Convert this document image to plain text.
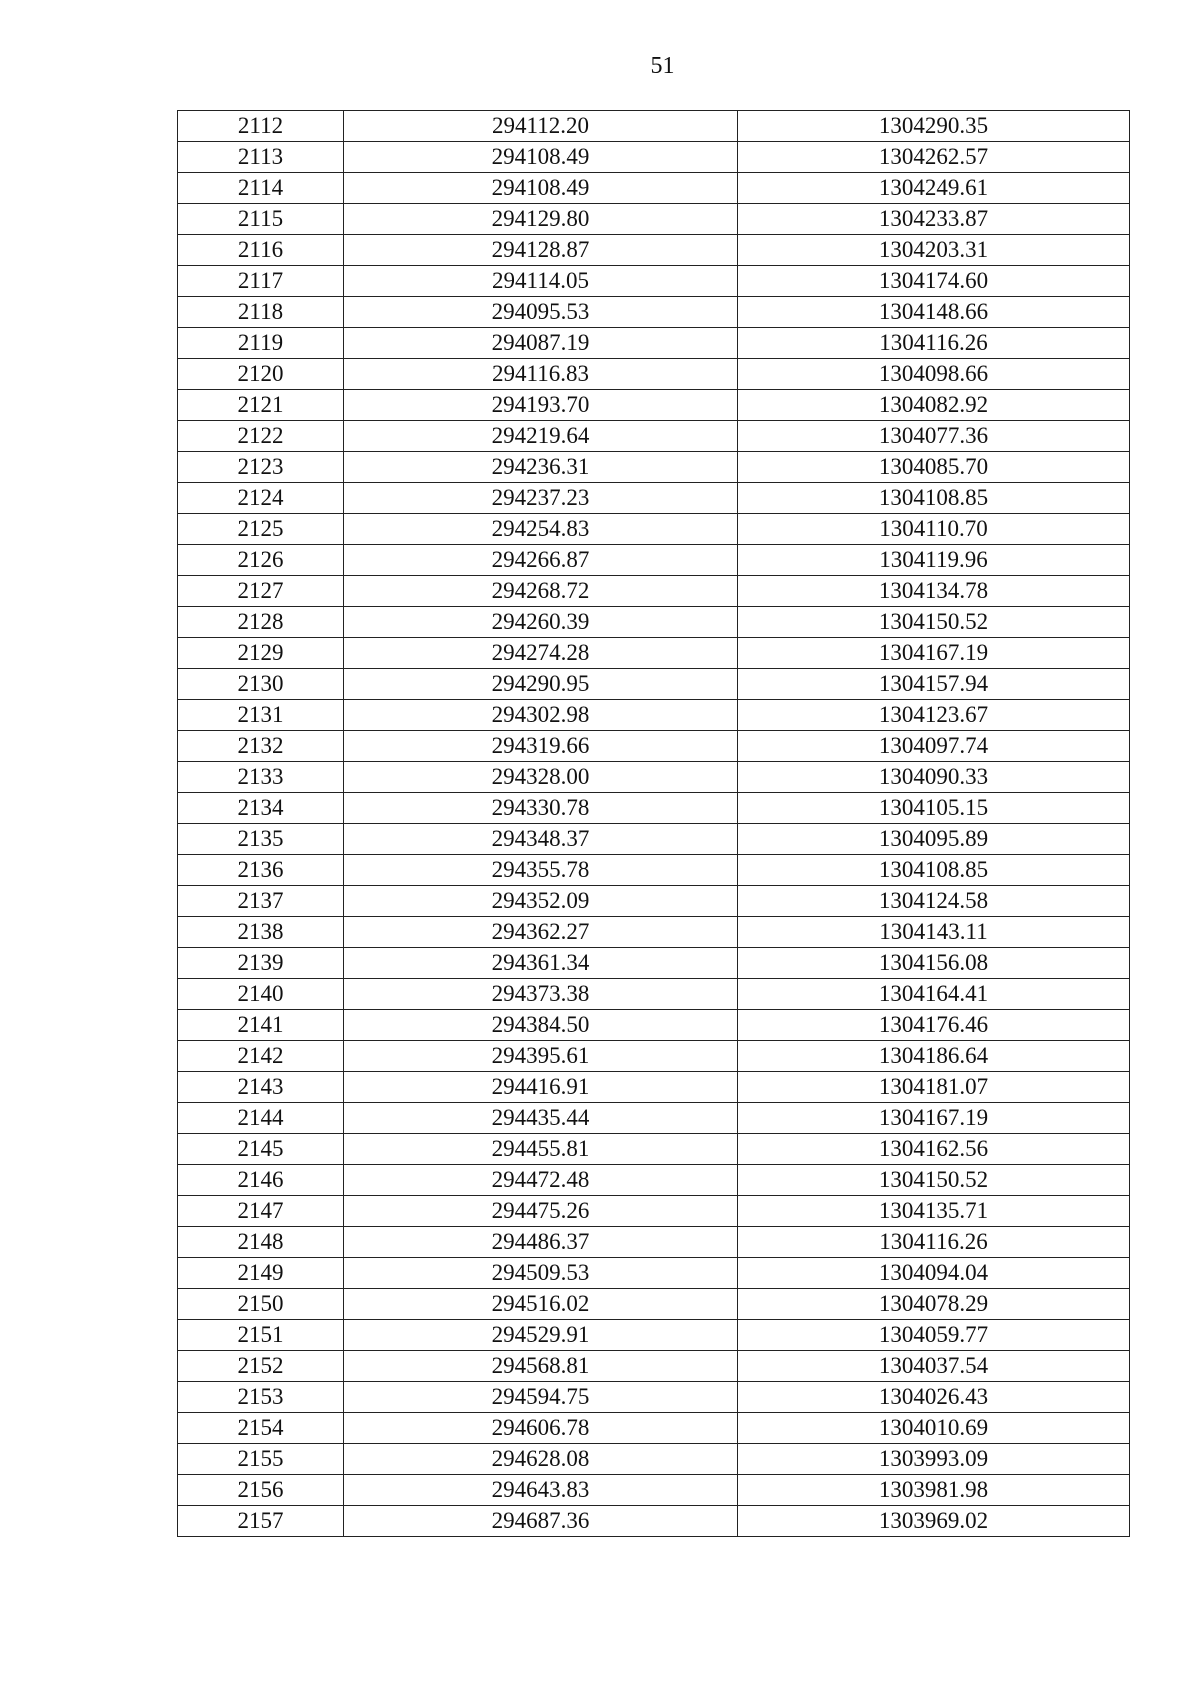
51
2112	294112.20	1304290.35
2113	294108.49	1304262.57
2114	294108.49	1304249.61
2115	294129.80	1304233.87
2116	294128.87	1304203.31
2117	294114.05	1304174.60
2118	294095.53	1304148.66
2119	294087.19	1304116.26
2120	294116.83	1304098.66
2121	294193.70	1304082.92
2122	294219.64	1304077.36
2123	294236.31	1304085.70
2124	294237.23	1304108.85
2125	294254.83	1304110.70
2126	294266.87	1304119.96
2127	294268.72	1304134.78
2128	294260.39	1304150.52
2129	294274.28	1304167.19
2130	294290.95	1304157.94
2131	294302.98	1304123.67
2132	294319.66	1304097.74
2133	294328.00	1304090.33
2134	294330.78	1304105.15
2135	294348.37	1304095.89
2136	294355.78	1304108.85
2137	294352.09	1304124.58
2138	294362.27	1304143.11
2139	294361.34	1304156.08
2140	294373.38	1304164.41
2141	294384.50	1304176.46
2142	294395.61	1304186.64
2143	294416.91	1304181.07
2144	294435.44	1304167.19
2145	294455.81	1304162.56
2146	294472.48	1304150.52
2147	294475.26	1304135.71
2148	294486.37	1304116.26
2149	294509.53	1304094.04
2150	294516.02	1304078.29
2151	294529.91	1304059.77
2152	294568.81	1304037.54
2153	294594.75	1304026.43
2154	294606.78	1304010.69
2155	294628.08	1303993.09
2156	294643.83	1303981.98
2157	294687.36	1303969.02
